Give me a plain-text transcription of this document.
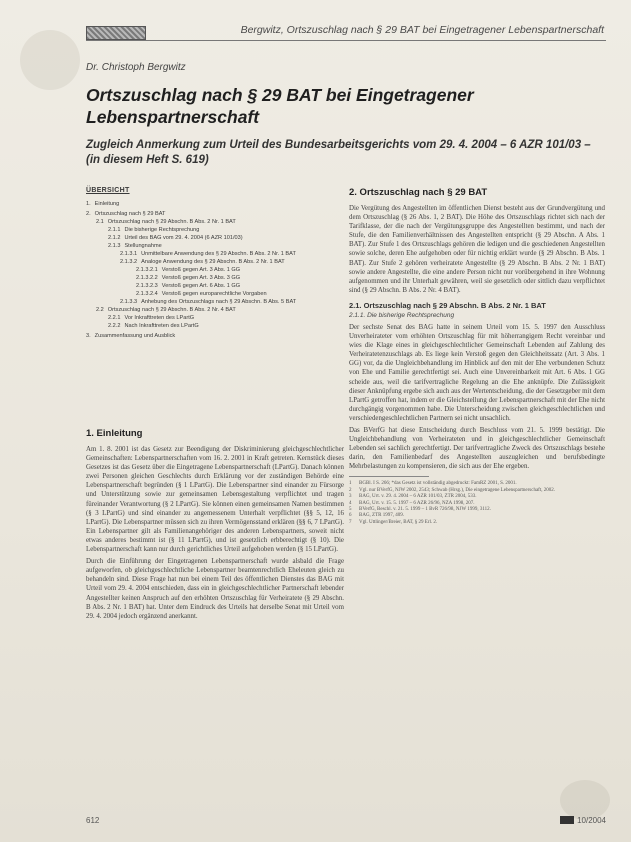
Bergwitz, Ortszuschlag nach § 29 BAT bei Eingetragener Lebenspartnerschaft
Dr. Christoph Bergwitz
Ortszuschlag nach § 29 BAT bei Eingetragener Lebenspartnerschaft

Zugleich Anmerkung zum Urteil des Bundesarbeitsgerichts vom 29. 4. 2004 – 6 AZR 101/03 – (in diesem Heft S. 619)

ÜBERSICHT
1. Einleitung
2. Ortszuschlag nach § 29 BAT
2.1 Ortszuschlag nach § 29 Abschn. B Abs. 2 Nr. 1 BAT
2.1.1 Die bisherige Rechtsprechung
2.1.2 Urteil des BAG vom 29. 4. 2004 (6 AZR 101/03)
2.1.3 Stellungnahme
2.1.3.1 Unmittelbare Anwendung des § 29 Abschn. B Abs. 2 Nr. 1 BAT
2.1.3.2 Analoge Anwendung des § 29 Abschn. B Abs. 2 Nr. 1 BAT
2.1.3.2.1 Verstoß gegen Art. 3 Abs. 1 GG
2.1.3.2.2 Verstoß gegen Art. 3 Abs. 3 GG
2.1.3.2.3 Verstoß gegen Art. 6 Abs. 1 GG
2.1.3.2.4 Verstoß gegen europarechtliche Vorgaben
2.1.3.3 Anhebung des Ortszuschlags nach § 29 Abschn. B Abs. 5 BAT
2.2 Ortszuschlag nach § 29 Abschn. B Abs. 2 Nr. 4 BAT
2.2.1 Vor Inkrafttreten des LPartG
2.2.2 Nach Inkrafttreten des LPartG
3. Zusammenfassung und Ausblick
1. Einleitung

Am 1. 8. 2001 ist das Gesetz zur Beendigung der Diskriminierung gleichgeschlechtlicher Gemeinschaften: Lebenspartnerschaften vom 16. 2. 2001 in Kraft getreten. Kernstück dieses Gesetzes ist das Gesetz über die Eingetragene Lebenspartnerschaft (LPartG). Danach können zwei Personen gleichen Geschlechts durch Erklärung vor der zuständigen Behörde eine Lebenspartnerschaft begründen (§ 1 LPartG). Die Lebenspartner sind einander zu Fürsorge und Unterstützung sowie zur gemeinsamen Lebensgestaltung verpflichtet und tragen füreinander Verantwortung (§ 2 LPartG). Sie können einen gemeinsamen Namen bestimmen (§ 3 LPartG) und sind einander zu angemessenem Unterhalt verpflichtet (§§ 5, 12, 16 LPartG). Die Lebenspartner müssen sich zu ihren Vermögensstand erklären (§§ 6, 7 LPartG). Ein Lebenspartner gilt als Familienangehöriger des anderen Lebenspartners, soweit nicht etwas anderes bestimmt ist (§ 11 LPartG), und ist gesetzlich erbberechtigt (§ 10). Die Lebenspartnerschaft kann nur durch gerichtliches Urteil aufgehoben werden (§ 15 LPartG).

Durch die Einführung der Eingetragenen Lebenspartnerschaft wurde alsbald die Frage aufgeworfen, ob gleichgeschlechtliche Lebenspartner beamtenrechtlich Eheleuten gleich zu behandeln sind. Diese Frage hat nun bei einem Teil des öffentlichen Dienstes das BAG mit Urteil vom 29. 4. 2004 entschieden, dass ein in gleichgeschlechtlicher Partnerschaft lebender Angestellter keinen Anspruch auf den erhöhten Ortszuschlag für Verheiratete (§ 29 Abschn. B Abs. 2 Nr. 1 BAT) hat. Unter dem Eindruck des Urteils hat derselbe Senat mit Urteil vom 29. 4. 2004 jedoch ergänzend anerkannt.

2. Ortszuschlag nach § 29 BAT

Die Vergütung des Angestellten im öffentlichen Dienst besteht aus der Grundvergütung und dem Ortszuschlag (§ 26 Abs. 1, 2 BAT). Die Höhe des Ortszuschlags richtet sich nach der Tarifklasse, der die nach der Vergütungsgruppe des Angestellten bestimmt, und nach der Stufe, die den Familienverhältnissen des Angestellten entspricht (§ 29 Abschn. A Abs. 1 BAT). Zur Stufe 1 des Ortszuschlags gehören die ledigen und die geschiedenen Angestellten sowie solche, deren Ehe aufgehoben oder für nichtig erklärt wurde (§ 29 Abschn. B Abs. 1 BAT). Zur Stufe 2 gehören verheiratete Angestellte (§ 29 Abschn. B Abs. 2 Nr. 1 BAT) sowie andere Angestellte, die eine andere Person nicht nur vorübergehend in ihre Wohnung aufgenommen und ihr Unterhalt gewähren, weil sie gesetzlich oder sittlich dazu verpflichtet sind (§ 29 Abschn. B Abs. 2 Nr. 4 BAT).

2.1. Ortszuschlag nach § 29 Abschn. B Abs. 2 Nr. 1 BAT
2.1.1. Die bisherige Rechtsprechung

Der sechste Senat des BAG hatte in seinem Urteil vom 15. 5. 1997 den Ausschluss Unverheirateter vom erhöhten Ortszuschlag für mit höherrangigem Recht vereinbar und wies die Klage eines in gleichgeschlechtlicher Gemeinschaft Lebenden auf Zahlung des Verheiratetenzuschlags ab. Es liege kein Verstoß gegen den Gleichheitssatz (Art. 3 Abs. 1 GG) vor, da die Ungleichbehandlung im Hinblick auf den mit der Ehe verbundenen Schutz von Ehe und Familie gerechtfertigt sei. Auch eine Unvereinbarkeit mit Art. 6 Abs. 1 GG scheide aus, weil die tarifvertragliche Regelung an die Ehe anknüpfe. Die Zulässigkeit dieser Anknüpfung ergebe sich auch aus der Wertentscheidung, die der Gesetzgeber mit dem LPartG getroffen hat, indem er die Gleichstellung der Lebenspartnerschaft mit der Ehe nicht durchgängig vorgenommen habe. Die Unterscheidung zwischen gleichgeschlechtlichen und verschiedengeschlechtlichen Partnern sei nicht unsachlich.

Das BVerfG hat diese Entscheidung durch Beschluss vom 21. 5. 1999 bestätigt. Die Ungleichbehandlung von Verheirateten und in gleichgeschlechtlicher Gemeinschaft Lebenden sei sachlich gerechtfertigt. Der tarifvertragliche Zweck des Ortszuschlags bestehe darin, den Familienbedarf des Angestellten auszugleichen und berufsbedingte Mehrbelastungen zu kompensieren, die sich aus der Ehe ergeben.

1	BGBl. I S. 266; *das Gesetz ist vollständig abgedruckt: FamRZ 2001, S. 2001.
2	Vgl. nur BVerfG, NJW 2002, 2543; Schwab (Hrsg.), Die eingetragene Lebenspartnerschaft, 2002.
3	BAG, Urt. v. 29. 4. 2004 – 6 AZR 101/03, ZTR 2004, 533.
4	BAG, Urt. v. 15. 5. 1997 – 6 AZR 26/96, NZA 1998, 207.
5	BVerfG, Beschl. v. 21. 5. 1999 – 1 BvR 726/98, NJW 1999, 3112.
6	BAG, ZTR 1997, 409.
7	Vgl. Uttlinger/Breier, BAT, § 29 Erl. 2.
612	10/2004
